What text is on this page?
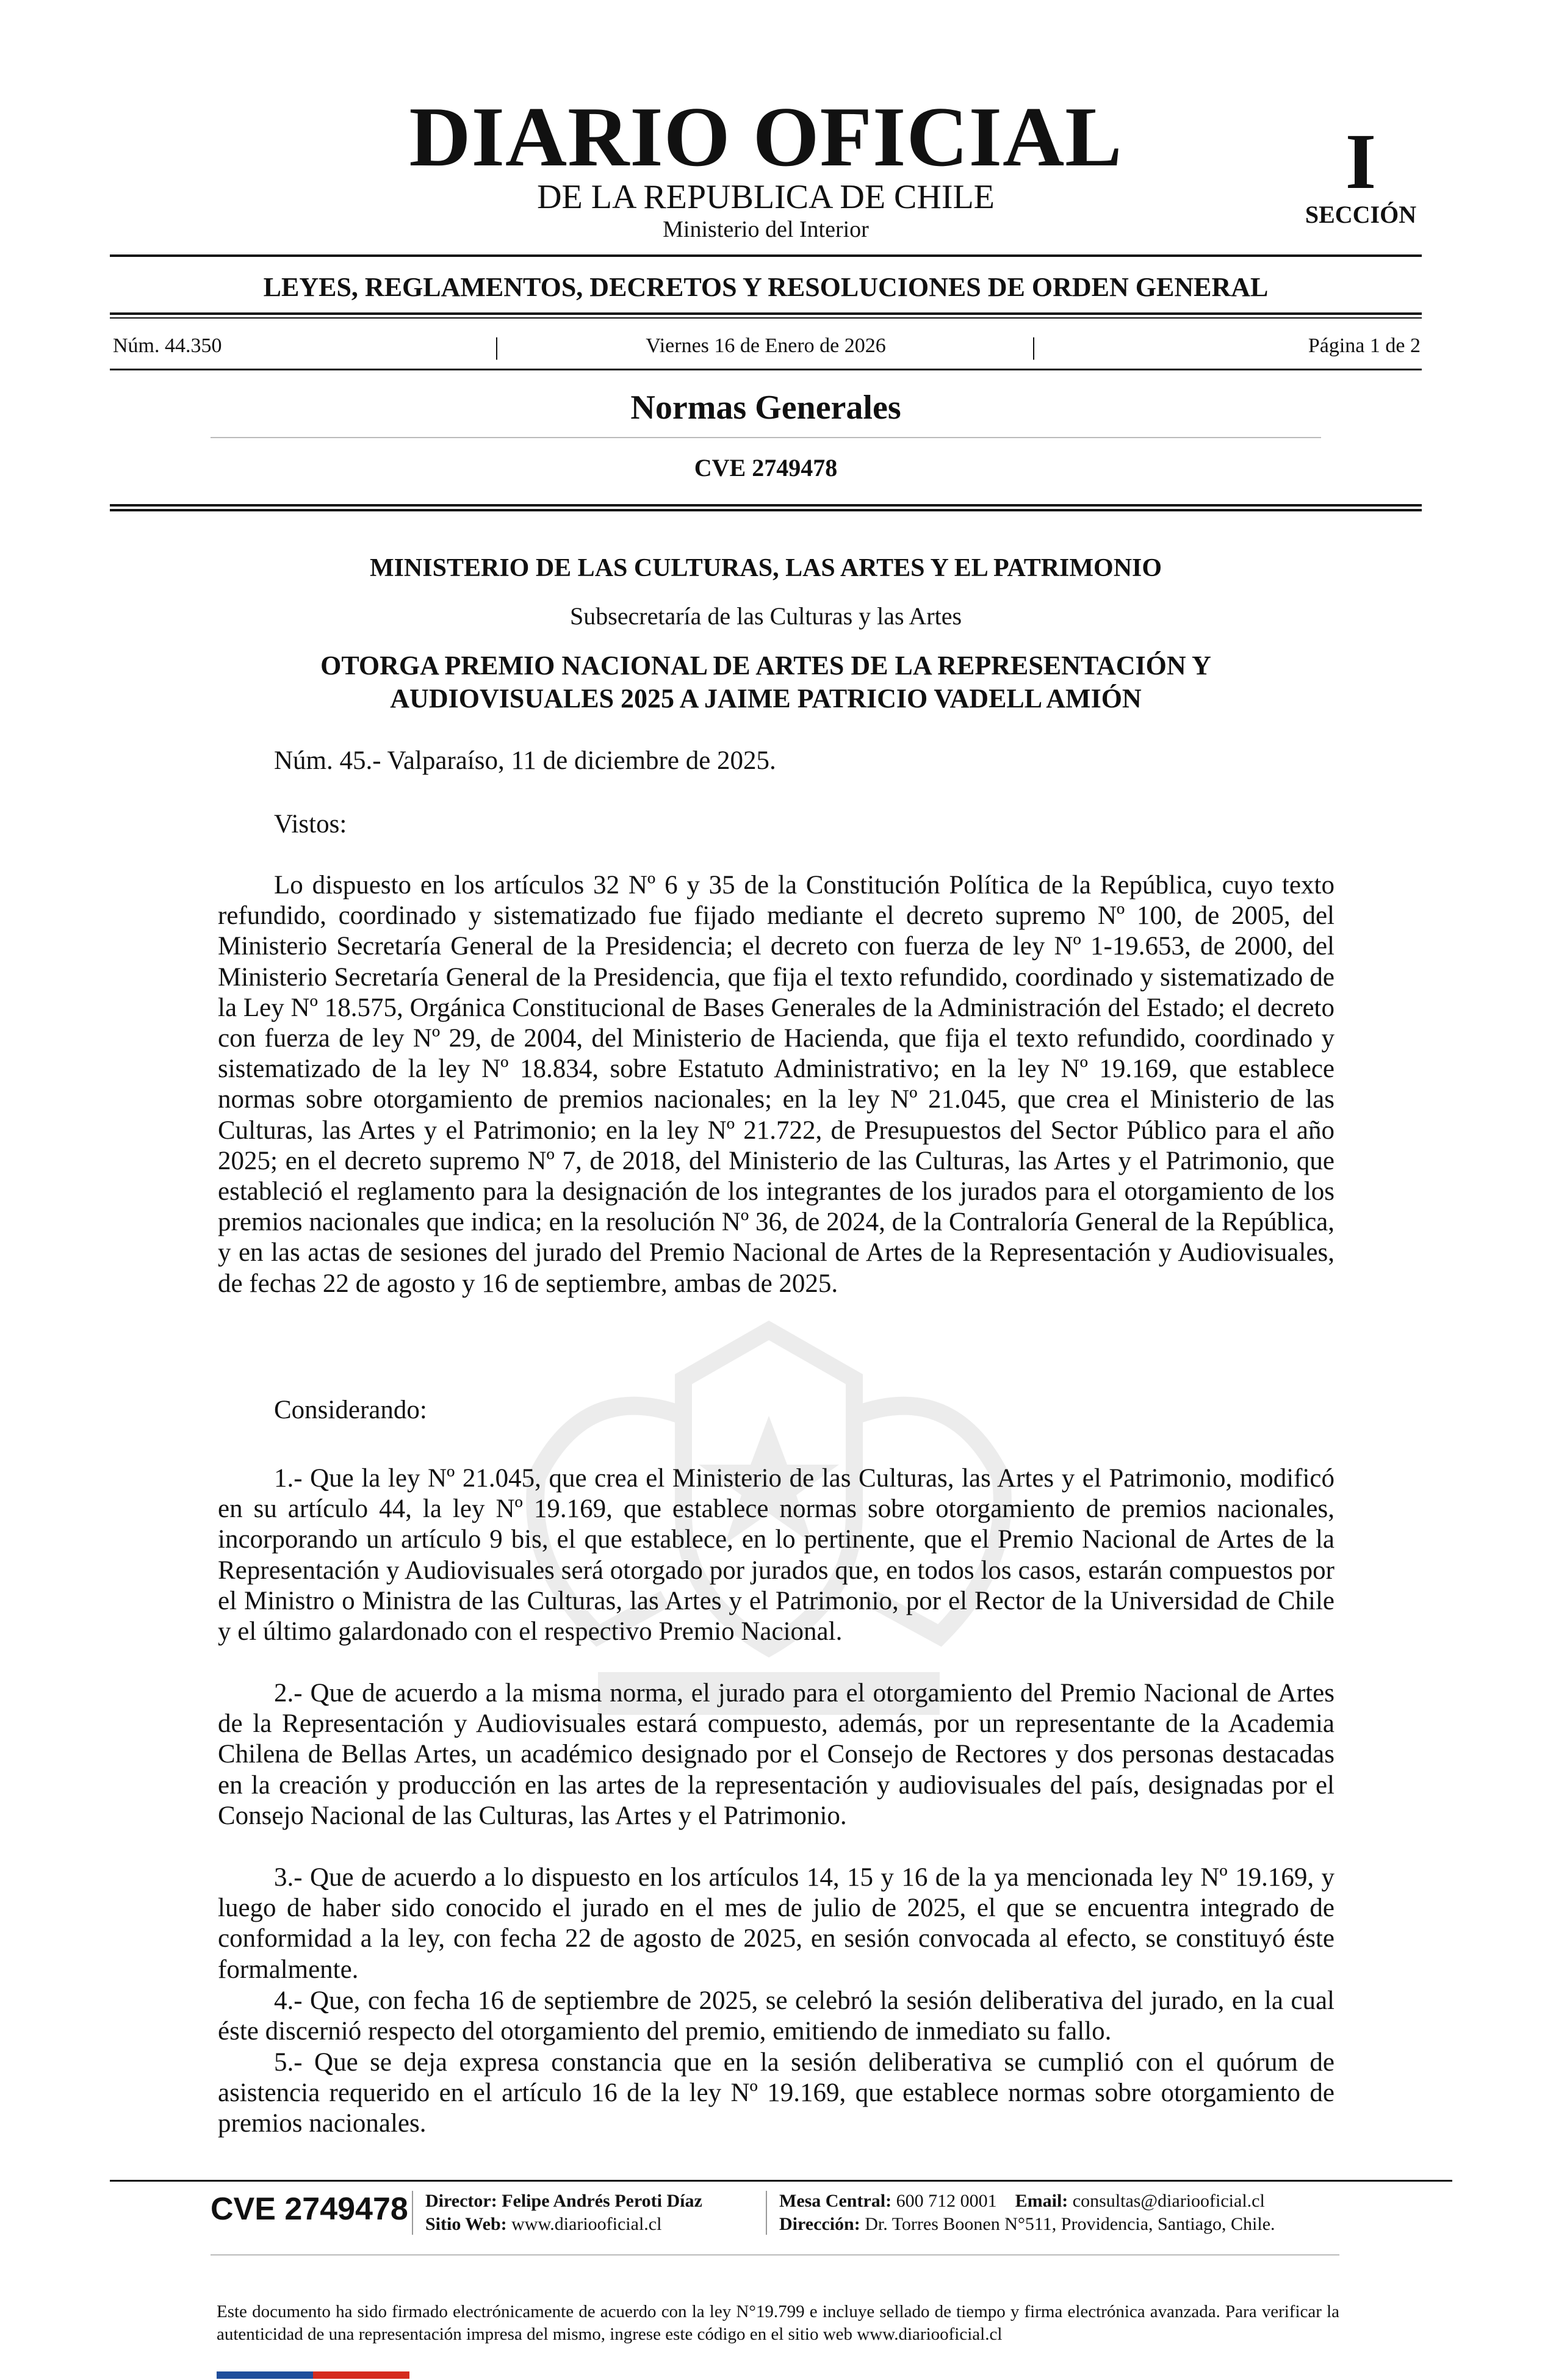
DIARIO OFICIAL
DE LA REPUBLICA DE CHILE
Ministerio del Interior
I
SECCIÓN
LEYES, REGLAMENTOS, DECRETOS Y RESOLUCIONES DE ORDEN GENERAL
Núm. 44.350	|	Viernes 16 de Enero de 2026	|	Página 1 de 2
Normas Generales
CVE 2749478
MINISTERIO DE LAS CULTURAS, LAS ARTES Y EL PATRIMONIO
Subsecretaría de las Culturas y las Artes
OTORGA PREMIO NACIONAL DE ARTES DE LA REPRESENTACIÓN Y AUDIOVISUALES 2025 A JAIME PATRICIO VADELL AMIÓN
Núm. 45.- Valparaíso, 11 de diciembre de 2025.
Vistos:
Lo dispuesto en los artículos 32 Nº 6 y 35 de la Constitución Política de la República, cuyo texto refundido, coordinado y sistematizado fue fijado mediante el decreto supremo Nº 100, de 2005, del Ministerio Secretaría General de la Presidencia; el decreto con fuerza de ley Nº 1-19.653, de 2000, del Ministerio Secretaría General de la Presidencia, que fija el texto refundido, coordinado y sistematizado de la Ley Nº 18.575, Orgánica Constitucional de Bases Generales de la Administración del Estado; el decreto con fuerza de ley Nº 29, de 2004, del Ministerio de Hacienda, que fija el texto refundido, coordinado y sistematizado de la ley Nº 18.834, sobre Estatuto Administrativo; en la ley Nº 19.169, que establece normas sobre otorgamiento de premios nacionales; en la ley Nº 21.045, que crea el Ministerio de las Culturas, las Artes y el Patrimonio; en la ley Nº 21.722, de Presupuestos del Sector Público para el año 2025; en el decreto supremo Nº 7, de 2018, del Ministerio de las Culturas, las Artes y el Patrimonio, que estableció el reglamento para la designación de los integrantes de los jurados para el otorgamiento de los premios nacionales que indica; en la resolución Nº 36, de 2024, de la Contraloría General de la República, y en las actas de sesiones del jurado del Premio Nacional de Artes de la Representación y Audiovisuales, de fechas 22 de agosto y 16 de septiembre, ambas de 2025.
Considerando:
1.- Que la ley Nº 21.045, que crea el Ministerio de las Culturas, las Artes y el Patrimonio, modificó en su artículo 44, la ley Nº 19.169, que establece normas sobre otorgamiento de premios nacionales, incorporando un artículo 9 bis, el que establece, en lo pertinente, que el Premio Nacional de Artes de la Representación y Audiovisuales será otorgado por jurados que, en todos los casos, estarán compuestos por el Ministro o Ministra de las Culturas, las Artes y el Patrimonio, por el Rector de la Universidad de Chile y el último galardonado con el respectivo Premio Nacional.
2.- Que de acuerdo a la misma norma, el jurado para el otorgamiento del Premio Nacional de Artes de la Representación y Audiovisuales estará compuesto, además, por un representante de la Academia Chilena de Bellas Artes, un académico designado por el Consejo de Rectores y dos personas destacadas en la creación y producción en las artes de la representación y audiovisuales del país, designadas por el Consejo Nacional de las Culturas, las Artes y el Patrimonio.
3.- Que de acuerdo a lo dispuesto en los artículos 14, 15 y 16 de la ya mencionada ley Nº 19.169, y luego de haber sido conocido el jurado en el mes de julio de 2025, el que se encuentra integrado de conformidad a la ley, con fecha 22 de agosto de 2025, en sesión convocada al efecto, se constituyó éste formalmente.
4.- Que, con fecha 16 de septiembre de 2025, se celebró la sesión deliberativa del jurado, en la cual éste discernió respecto del otorgamiento del premio, emitiendo de inmediato su fallo.
5.- Que se deja expresa constancia que en la sesión deliberativa se cumplió con el quórum de asistencia requerido en el artículo 16 de la ley Nº 19.169, que establece normas sobre otorgamiento de premios nacionales.
CVE 2749478 Director: Felipe Andrés Peroti Díaz
Sitio Web: www.diariooficial.cl
Mesa Central: 600 712 0001 Email: consultas@diariooficial.cl
Dirección: Dr. Torres Boonen N°511, Providencia, Santiago, Chile.
Este documento ha sido firmado electrónicamente de acuerdo con la ley N°19.799 e incluye sellado de tiempo y firma electrónica avanzada. Para verificar la autenticidad de una representación impresa del mismo, ingrese este código en el sitio web www.diariooficial.cl
